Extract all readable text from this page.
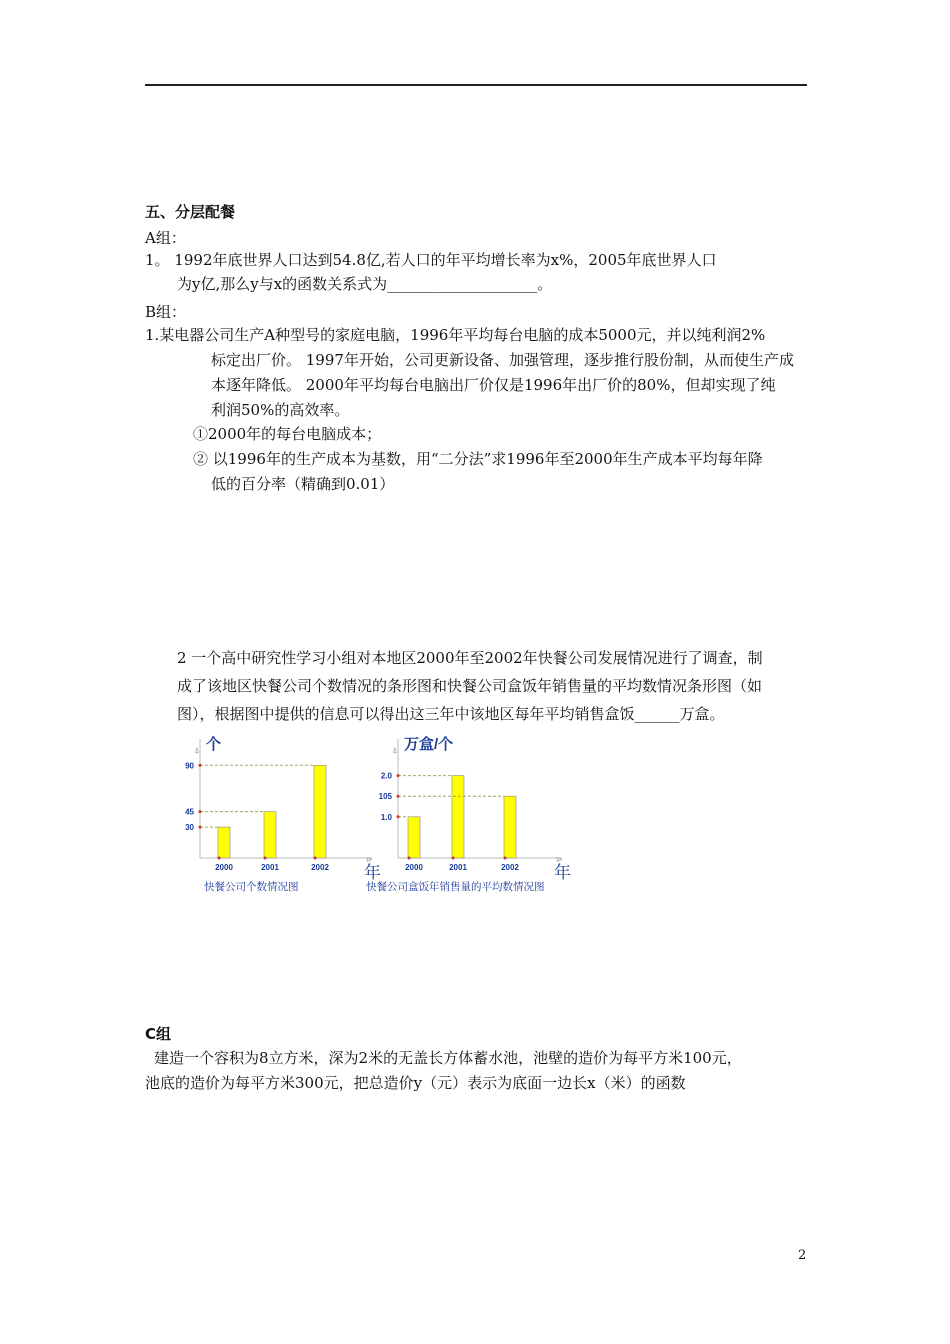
五、分层配餐
A组：
1。 1992年底世界人口达到54.8亿,若人口的年平均增长率为x%，2005年底世界人口
为y亿,那么y与x的函数关系式为____________________。
B组：
1.某电器公司生产A种型号的家庭电脑，1996年平均每台电脑的成本5000元，并以纯利润2%
标定出厂价。 1997年开始，公司更新设备、加强管理，逐步推行股份制，从而使生产成
本逐年降低。 2000年平均每台电脑出厂价仅是1996年出厂价的80%，但却实现了纯
利润50%的高效率。
①2000年的每台电脑成本；
② 以1996年的生产成本为基数，用“二分法”求1996年至2000年生产成本平均每年降
低的百分率（精确到0.01）
2 一个高中研究性学习小组对本地区2000年至2002年快餐公司发展情况进行了调查，制
成了该地区快餐公司个数情况的条形图和快餐公司盒饭年销售量的平均数情况条形图（如
图），根据图中提供的信息可以得出这三年中该地区每年平均销售盒饭______万盒。
⍋ 个
⊳
年
2000	2001	2002
90
45
30
快餐公司个数情况图
⍋ 万盒/个
⊳
年
2000	2001	2002
2.0
105
1.0
快餐公司盒饭年销售量的平均数情况图
C组
建造一个容积为8立方米，深为2米的无盖长方体蓄水池，池壁的造价为每平方米100元，
池底的造价为每平方米300元，把总造价y（元）表示为底面一边长x（米）的函数
2
